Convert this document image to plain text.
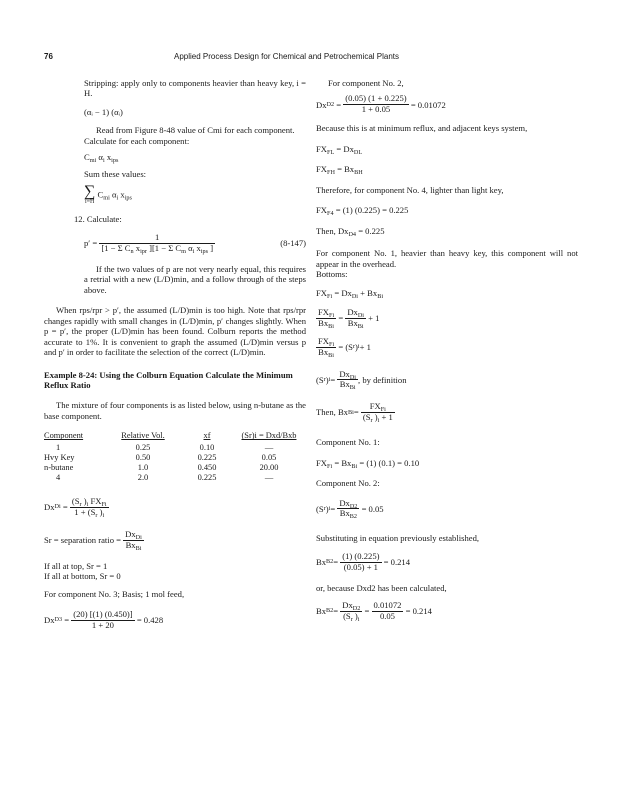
76	Applied Process Design for Chemical and Petrochemical Plants

Stripping: apply only to components heavier than heavy key, i = H.

(αᵢ − 1) (αᵢ)

Read from Figure 8-48 value of Cmi for each component.

Calculate for each component:

$C_{mi}$ $\alpha_i$ $x_{ips}$

Sum these values:

∑
i=H
$C_{mi}$ $\alpha_i$ $x_{ips}$

12. Calculate:

p′ =
$\frac{1}{[1 - \Sigma C_n x_{ipr} ][1 - \Sigma C_m \alpha_i x_{ips} ]}$	(8-147)

If the two values of p are not very nearly equal, this requires a retrial with a new (L/D)min, and a follow through of the steps above.

When rps/rpr > p′, the assumed (L/D)min is too high. Note that rps/rpr changes rapidly with small changes in (L/D)min, p′ changes slightly. When p = p′, the proper (L/D)min has been found. Colburn reports the method accurate to 1%. It is convenient to graph the assumed (L/D)min versus p and p′ in order to facilitate the selection of the correct (L/D)min.

Example 8-24: Using the Colburn Equation Calculate the Minimum Reflux Ratio

The mixture of four components is as listed below, using n-butane as the base component.

Component	Relative Vol.	xf	(Sr)i = Dxd/Bxb
1	0.25	0.10	—
Hvy Key	0.50	0.225	0.05
n-butane	1.0	0.450	20.00
4	2.0	0.225	—
Dx $Di = \frac{(S_r )_i FX_{Fi}}{1 + (S_r )_i}$
Sr = separation ratio =
$\frac{Dx_{Di}}{Bx_{Bi}}$

If all at top, Sr = 1

If all at bottom, Sr = 0

For component No. 3; Basis; 1 mol feed,

Dx $D3 = \frac{(20) [(1) (0.450)]}{1 + 20}$
= 0.428

For component No. 2,

Dx $D2 = \frac{(0.05) (1 + 0.225)}{1 + 0.05}$
= 0.01072

Because this is at minimum reflux, and adjacent keys system,

$FX_{FL} = Dx_{DL}$

$FX_{FH} = Bx_{BH}$

Therefore, for component No. 4, lighter than light key,

$FX_{F4} = (1) (0.225) = 0.225$

Then, $Dx_{D4} = 0.225$

For component No. 1, heavier than heavy key, this component will not appear in the overhead.

Bottoms:

$FX_{Fi} = Dx_{Di} + Bx_{Bi}$

$\frac{FX_{Fi}}{Bx_{Bi}} = \frac{Dx_{Di}}{Bx_{Bi}} + 1$
$\frac{FX_{Fi}}{Bx_{Bi}} = (S$ r ) i + 1
(S r ) $i = \frac{Dx_{Di}}{Bx_{Bi}}$ , by definition
Then, Bx $Bi = \frac{FX_{Fi}}{(S_r )_i + 1}$

Component No. 1:

$FX_{Fi} = Bx_{Bi} = (1) (0.1) = 0.10$

Component No. 2:

(S r ) $i = \frac{Dx_{D2}}{Bx_{B2}}$
= 0.05

Substituting in equation previously established,

Bx $B2 = \frac{(1) (0.225)}{(0.05) + 1}$
= 0.214

or, because Dxd2 has been calculated,

Bx $B2 = \frac{Dx_{D2}}{(S_r )_i} = \frac{0.01072}{0.05}$
= 0.214
